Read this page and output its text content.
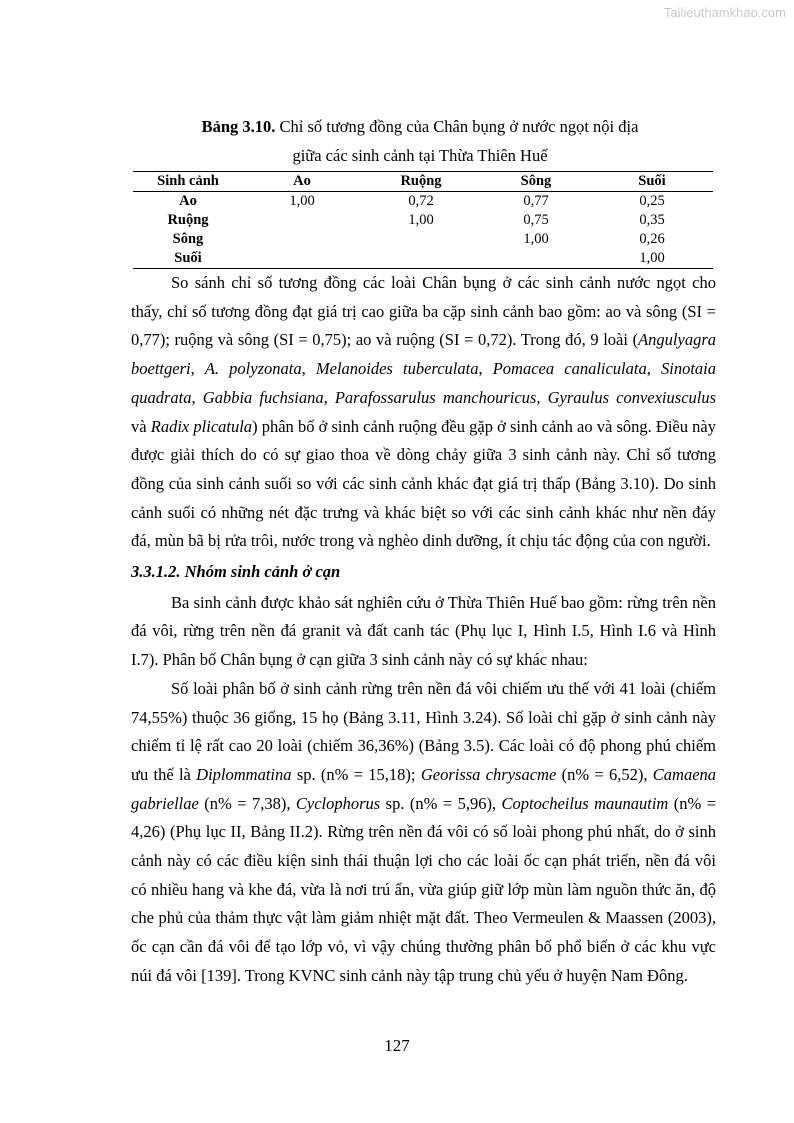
Tailieuthamkhao.com
Bảng 3.10. Chỉ số tương đồng của Chân bụng ở nước ngọt nội địa
giữa các sinh cảnh tại Thừa Thiên Huế
Sinh cảnh	Ao	Ruộng	Sông	Suối
Ao	1,00	0,72	0,77	0,25
Ruộng		1,00	0,75	0,35
Sông			1,00	0,26
Suối				1,00

So sánh chỉ số tương đồng các loài Chân bụng ở các sinh cảnh nước ngọt cho thấy, chỉ số tương đồng đạt giá trị cao giữa ba cặp sinh cảnh bao gồm: ao và sông (SI = 0,77); ruộng và sông (SI = 0,75); ao và ruộng (SI = 0,72). Trong đó, 9 loài (Angulyagra boettgeri, A. polyzonata, Melanoides tuberculata, Pomacea canaliculata, Sinotaia quadrata, Gabbia fuchsiana, Parafossarulus manchouricus, Gyraulus convexiusculus và Radix plicatula) phân bố ở sinh cảnh ruộng đều gặp ở sinh cảnh ao và sông. Điều này được giải thích do có sự giao thoa về dòng chảy giữa 3 sinh cảnh này. Chỉ số tương đồng của sinh cảnh suối so với các sinh cảnh khác đạt giá trị thấp (Bảng 3.10). Do sinh cảnh suối có những nét đặc trưng và khác biệt so với các sinh cảnh khác như nền đáy đá, mùn bã bị rửa trôi, nước trong và nghèo dinh dưỡng, ít chịu tác động của con người.

3.3.1.2. Nhóm sinh cảnh ở cạn

Ba sinh cảnh được khảo sát nghiên cứu ở Thừa Thiên Huế bao gồm: rừng trên nền đá vôi, rừng trên nền đá granit và đất canh tác (Phụ lục I, Hình I.5, Hình I.6 và Hình I.7). Phân bố Chân bụng ở cạn giữa 3 sinh cảnh này có sự khác nhau:

Số loài phân bố ở sinh cảnh rừng trên nền đá vôi chiếm ưu thế với 41 loài (chiếm 74,55%) thuộc 36 giống, 15 họ (Bảng 3.11, Hình 3.24). Số loài chỉ gặp ở sinh cảnh này chiếm tỉ lệ rất cao 20 loài (chiếm 36,36%) (Bảng 3.5). Các loài có độ phong phú chiếm ưu thế là Diplommatina sp. (n% = 15,18); Georissa chrysacme (n% = 6,52), Camaena gabriellae (n% = 7,38), Cyclophorus sp. (n% = 5,96), Coptocheilus maunautim (n% = 4,26) (Phụ lục II, Bảng II.2). Rừng trên nền đá vôi có số loài phong phú nhất, do ở sinh cảnh này có các điều kiện sinh thái thuận lợi cho các loài ốc cạn phát triển, nền đá vôi có nhiều hang và khe đá, vừa là nơi trú ẩn, vừa giúp giữ lớp mùn làm nguồn thức ăn, độ che phủ của thảm thực vật làm giảm nhiệt mặt đất. Theo Vermeulen & Maassen (2003), ốc cạn cần đá vôi để tạo lớp vỏ, vì vậy chúng thường phân bố phổ biến ở các khu vực núi đá vôi [139]. Trong KVNC sinh cảnh này tập trung chủ yếu ở huyện Nam Đông.

127
